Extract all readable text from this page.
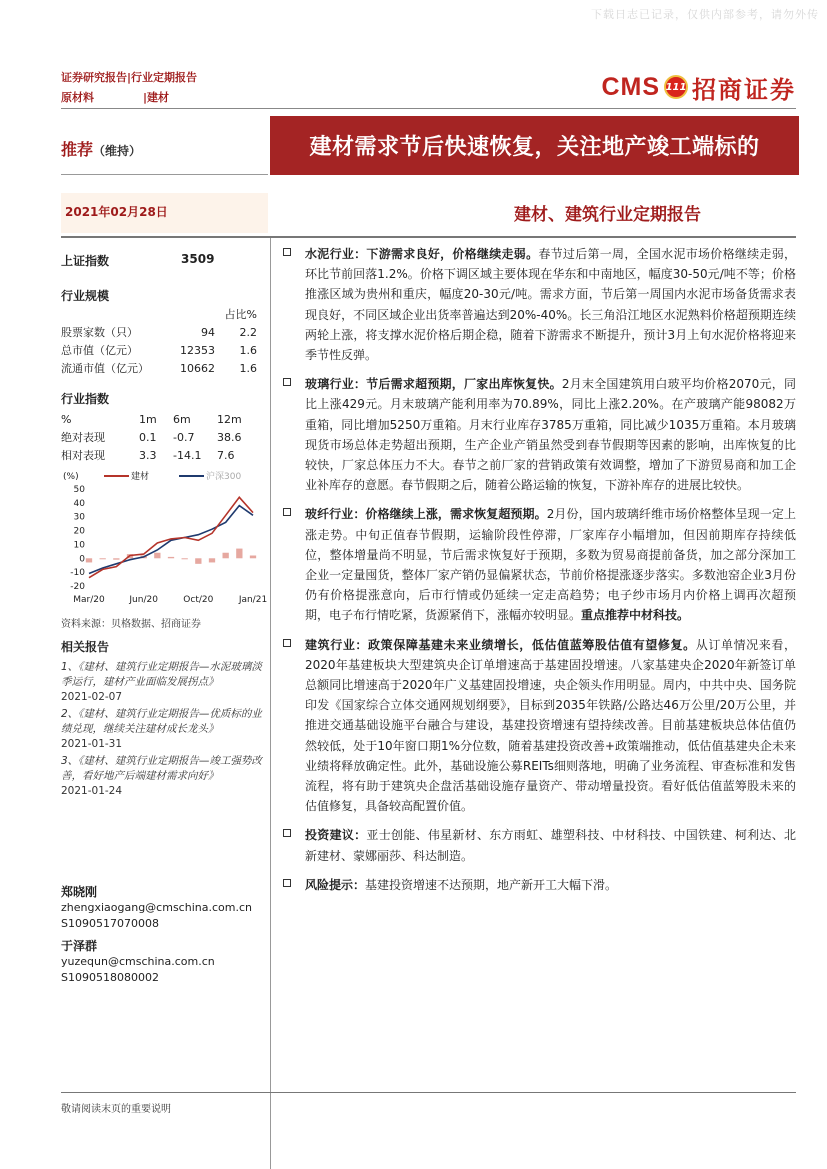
下载日志已记录，仅供内部参考，请勿外传
证券研究报告|行业定期报告
原材料	|建材	CMS 111 招商证券
推荐（维持）	建材需求节后快速恢复，关注地产竣工端标的
2021年02月28日	建材、建筑行业定期报告
上证指数	3509
行业规模
		占比%
股票家数（只）	94	2.2
总市值（亿元）	12353	1.6
流通市值（亿元）	10662	1.6
行业指数
%	1m	6m	12m
绝对表现	0.1	-0.7	38.6
相对表现	3.3	-14.1	7.6
(%)	建材	沪深300
50
40
30
20
10
0
-10
-20
Mar/20	Jun/20	Oct/20	Jan/21
资料来源：贝格数据、招商证券
相关报告
1、《建材、建筑行业定期报告—水泥玻璃淡季运行，建材产业面临发展拐点》
2021-02-07
2、《建材、建筑行业定期报告—优质标的业绩兑现，继续关注建材成长龙头》
2021-01-31
3、《建材、建筑行业定期报告—竣工强势改善，看好地产后端建材需求向好》
2021-01-24
郑晓刚
zhengxiaogang@cmschina.com.cn
S1090517070008
于泽群
yuzequn@cmschina.com.cn
S1090518080002
水泥行业：下游需求良好，价格继续走弱。春节过后第一周，全国水泥市场价格继续走弱，环比节前回落1.2%。价格下调区域主要体现在华东和中南地区，幅度30-50元/吨不等；价格推涨区域为贵州和重庆，幅度20-30元/吨。需求方面，节后第一周国内水泥市场备货需求表现良好，不同区域企业出货率普遍达到20%-40%。长三角沿江地区水泥熟料价格超预期连续两轮上涨，将支撑水泥价格后期企稳，随着下游需求不断提升，预计3月上旬水泥价格将迎来季节性反弹。
玻璃行业：节后需求超预期，厂家出库恢复快。2月末全国建筑用白玻平均价格2070元，同比上涨429元。月末玻璃产能利用率为70.89%，同比上涨2.20%。在产玻璃产能98082万重箱，同比增加5250万重箱。月末行业库存3785万重箱，同比减少1035万重箱。本月玻璃现货市场总体走势超出预期，生产企业产销虽然受到春节假期等因素的影响，出库恢复的比较快，厂家总体压力不大。春节之前厂家的营销政策有效调整，增加了下游贸易商和加工企业补库存的意愿。春节假期之后，随着公路运输的恢复，下游补库存的进展比较快。
玻纤行业：价格继续上涨，需求恢复超预期。2月份，国内玻璃纤维市场价格整体呈现一定上涨走势。中旬正值春节假期，运输阶段性停滞，厂家库存小幅增加，但因前期库存持续低位，整体增量尚不明显，节后需求恢复好于预期，多数为贸易商提前备货，加之部分深加工企业一定量囤货，整体厂家产销仍显偏紧状态，节前价格提涨逐步落实。多数池窑企业3月份仍有价格提涨意向，后市行情或仍延续一定走高趋势；电子纱市场月内价格上调再次超预期，电子布行情吃紧，货源紧俏下，涨幅亦较明显。重点推荐中材科技。
建筑行业：政策保障基建未来业绩增长，低估值蓝筹股估值有望修复。从订单情况来看，2020年基建板块大型建筑央企订单增速高于基建固投增速。八家基建央企2020年新签订单总额同比增速高于2020年广义基建固投增速，央企领头作用明显。周内，中共中央、国务院印发《国家综合立体交通网规划纲要》，目标到2035年铁路/公路达46万公里/20万公里，并推进交通基础设施平台融合与建设，基建投资增速有望持续改善。目前基建板块总体估值仍然较低，处于10年窗口期1%分位数，随着基建投资改善+政策端推动，低估值基建央企未来业绩将释放确定性。此外，基础设施公募REITs细则落地，明确了业务流程、审查标准和发售流程，将有助于建筑央企盘活基础设施存量资产、带动增量投资。看好低估值蓝筹股未来的估值修复，具备较高配置价值。
投资建议：亚士创能、伟星新材、东方雨虹、雄塑科技、中材科技、中国铁建、柯利达、北新建材、蒙娜丽莎、科达制造。
风险提示：基建投资增速不达预期，地产新开工大幅下滑。
敬请阅读末页的重要说明
